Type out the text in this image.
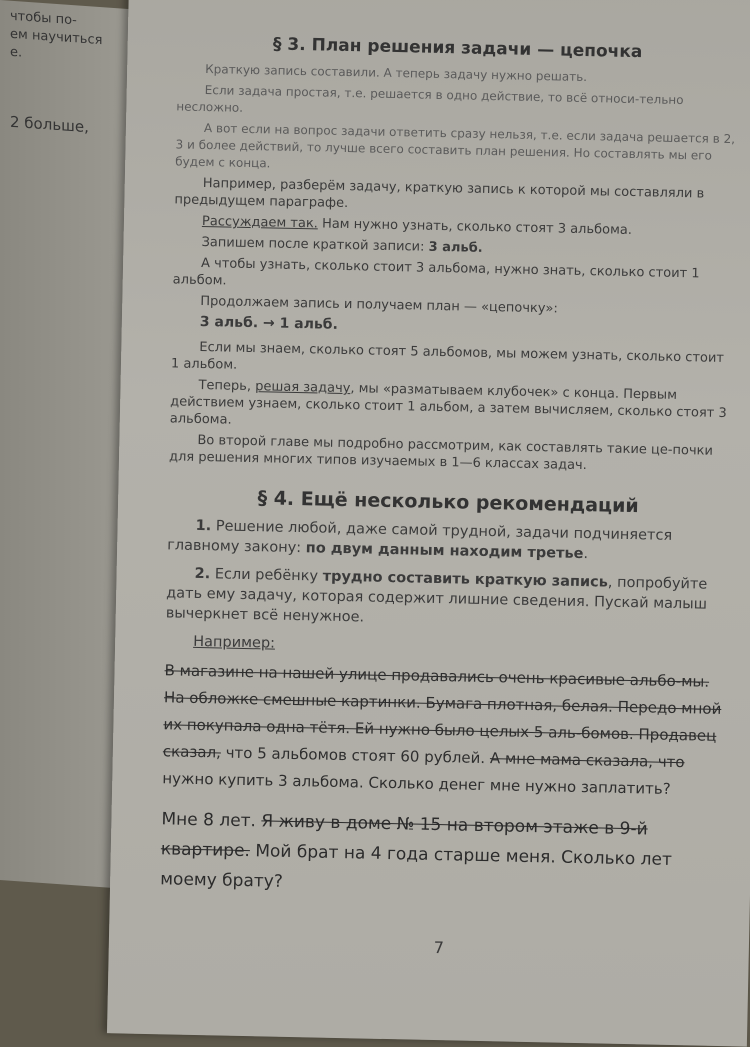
чтобы по-
ем научиться
е.
2 больше,
§ 3. План решения задачи — цепочка

Краткую запись составили. А теперь задачу нужно решать.

Если задача простая, т.е. решается в одно действие, то всё относи-тельно несложно.

А вот если на вопрос задачи ответить сразу нельзя, т.е. если задача решается в 2, 3 и более действий, то лучше всего составить план решения. Но составлять мы его будем с конца.

Например, разберём задачу, краткую запись к которой мы составляли в предыдущем параграфе.

Рассуждаем так. Нам нужно узнать, сколько стоят 3 альбома.

Запишем после краткой записи: 3 альб.

А чтобы узнать, сколько стоит 3 альбома, нужно знать, сколько стоит 1 альбом.

Продолжаем запись и получаем план — «цепочку»:

3 альб. → 1 альб.

Если мы знаем, сколько стоят 5 альбомов, мы можем узнать, сколько стоит 1 альбом.

Теперь, решая задачу, мы «разматываем клубочек» с конца. Первым действием узнаем, сколько стоит 1 альбом, а затем вычисляем, сколько стоят 3 альбома.

Во второй главе мы подробно рассмотрим, как составлять такие це-почки для решения многих типов изучаемых в 1—6 классах задач.

§ 4. Ещё несколько рекомендаций

1. Решение любой, даже самой трудной, задачи подчиняется главному закону: по двум данным находим третье.

2. Если ребёнку трудно составить краткую запись, попробуйте дать ему задачу, которая содержит лишние сведения. Пускай малыш вычеркнет всё ненужное.

Например:

В магазине на нашей улице продавались очень красивые альбо-мы. На обложке смешные картинки. Бумага плотная, белая. Передо мной их покупала одна тётя. Ей нужно было целых 5 аль-бомов. Продавец сказал, что 5 альбомов стоят 60 рублей. А мне мама сказала, что нужно купить 3 альбома. Сколько денег мне нужно заплатить?

Мне 8 лет. Я живу в доме № 15 на втором этаже в 9-й квартире. Мой брат на 4 года старше меня. Сколько лет моему брату?

7
